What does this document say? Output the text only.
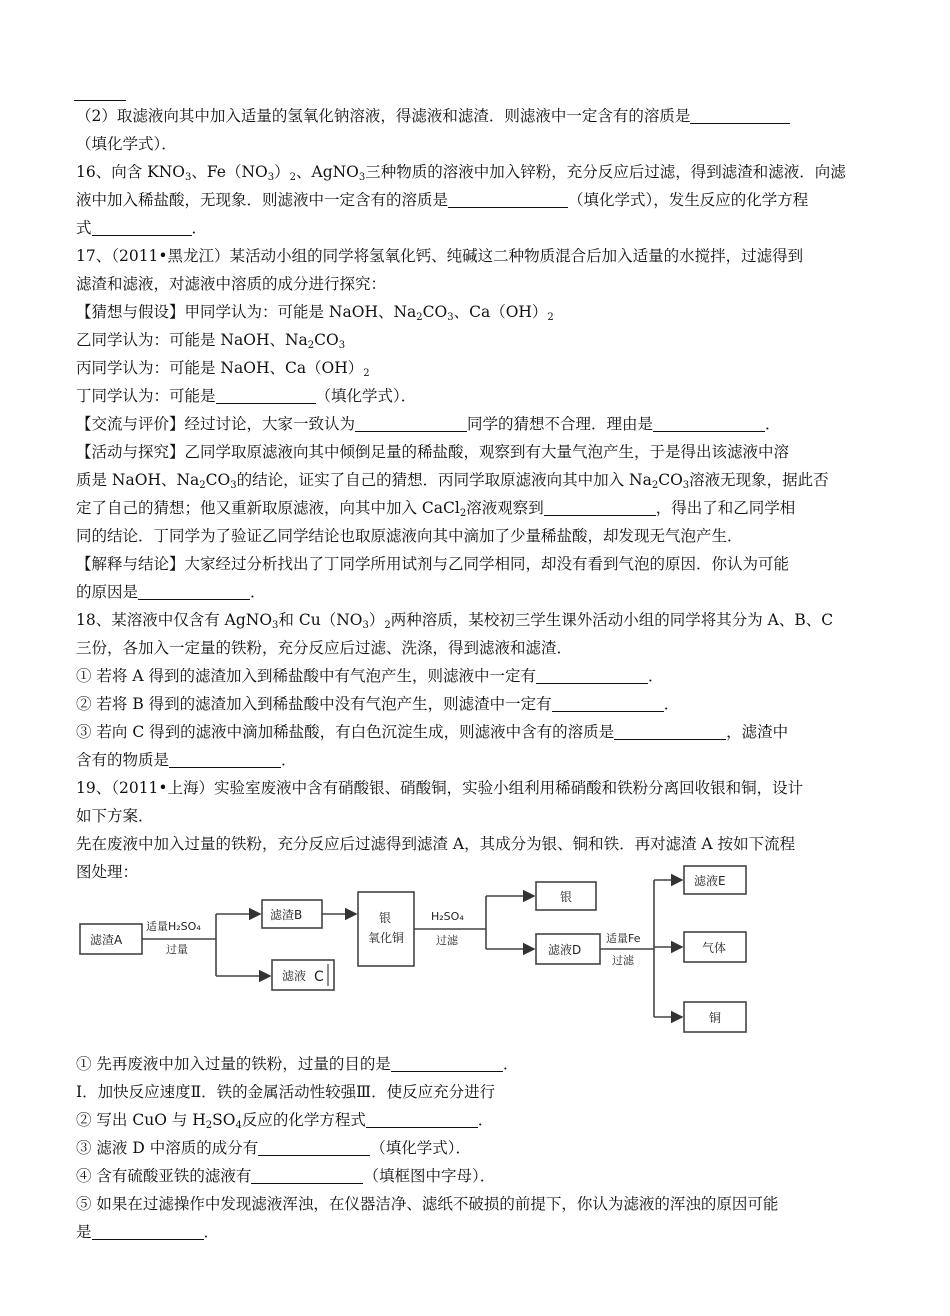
（2）取滤液向其中加入适量的氢氧化钠溶液，得滤液和滤渣．则滤液中一定含有的溶质是
（填化学式）．
16、向含 $KNO_3$、$Fe(NO_3)_2$、AgNO$_3$三种物质的溶液中加入锌粉，充分反应后过滤，得到滤渣和滤液．向滤
液中加入稀盐酸，无现象．则滤液中一定含有的溶质是	（填化学式），发生反应的化学方程
式	．
17、（2011•黑龙江）某活动小组的同学将氢氧化钙、纯碱这二种物质混合后加入适量的水搅拌，过滤得到
滤渣和滤液，对滤液中溶质的成分进行探究：
【猜想与假设】甲同学认为：可能是 NaOH、$Na_2CO_3$、$Ca(OH)_2$
乙同学认为：可能是 NaOH、$Na_2CO_3$
丙同学认为：可能是 NaOH、$Ca(OH)_2$
丁同学认为：可能是	（填化学式）．
【交流与评价】经过讨论，大家一致认为	同学的猜想不合理．理由是	．
【活动与探究】乙同学取原滤液向其中倾倒足量的稀盐酸，观察到有大量气泡产生，于是得出该滤液中溶
质是 NaOH、$Na_2CO_3$的结论，证实了自己的猜想．丙同学取原滤液向其中加入 $Na_2CO_3$溶液无现象，据此否
定了自己的猜想；他又重新取原滤液，向其中加入 CaCl$_2$溶液观察到	，得出了和乙同学相
同的结论．丁同学为了验证乙同学结论也取原滤液向其中滴加了少量稀盐酸，却发现无气泡产生．
【解释与结论】大家经过分析找出了丁同学所用试剂与乙同学相同，却没有看到气泡的原因．你认为可能
的原因是	．
18、某溶液中仅含有 AgNO$_3$和 $Cu(NO_3)_2$两种溶质，某校初三学生课外活动小组的同学将其分为 A、B、C
三份，各加入一定量的铁粉，充分反应后过滤、洗涤，得到滤液和滤渣．
① 若将 A 得到的滤渣加入到稀盐酸中有气泡产生，则滤液中一定有	．
② 若将 B 得到的滤渣加入到稀盐酸中没有气泡产生，则滤渣中一定有	．
③ 若向 C 得到的滤液中滴加稀盐酸，有白色沉淀生成，则滤液中含有的溶质是	，滤渣中
含有的物质是	．
19、（2011•上海）实验室废液中含有硝酸银、硝酸铜，实验小组利用稀硝酸和铁粉分离回收银和铜，设计
如下方案．
先在废液中加入过量的铁粉，充分反应后过滤得到滤渣 A，其成分为银、铜和铁．再对滤渣 A 按如下流程
图处理：
滤渣A
适量H₂SO₄
过量
滤渣B
滤液 C
银
氧化铜
H₂SO₄
过滤
银
滤液D
适量Fe
过滤
滤液E
气体
铜
① 先再废液中加入过量的铁粉，过量的目的是	．
I．加快反应速度Ⅱ．铁的金属活动性较强Ⅲ．使反应充分进行
② 写出 CuO 与 $H_2SO_4$反应的化学方程式	．
③ 滤液 D 中溶质的成分有	（填化学式）．
④ 含有硫酸亚铁的滤液有	（填框图中字母）．
⑤ 如果在过滤操作中发现滤液浑浊，在仪器洁净、滤纸不破损的前提下，你认为滤液的浑浊的原因可能
是	．
